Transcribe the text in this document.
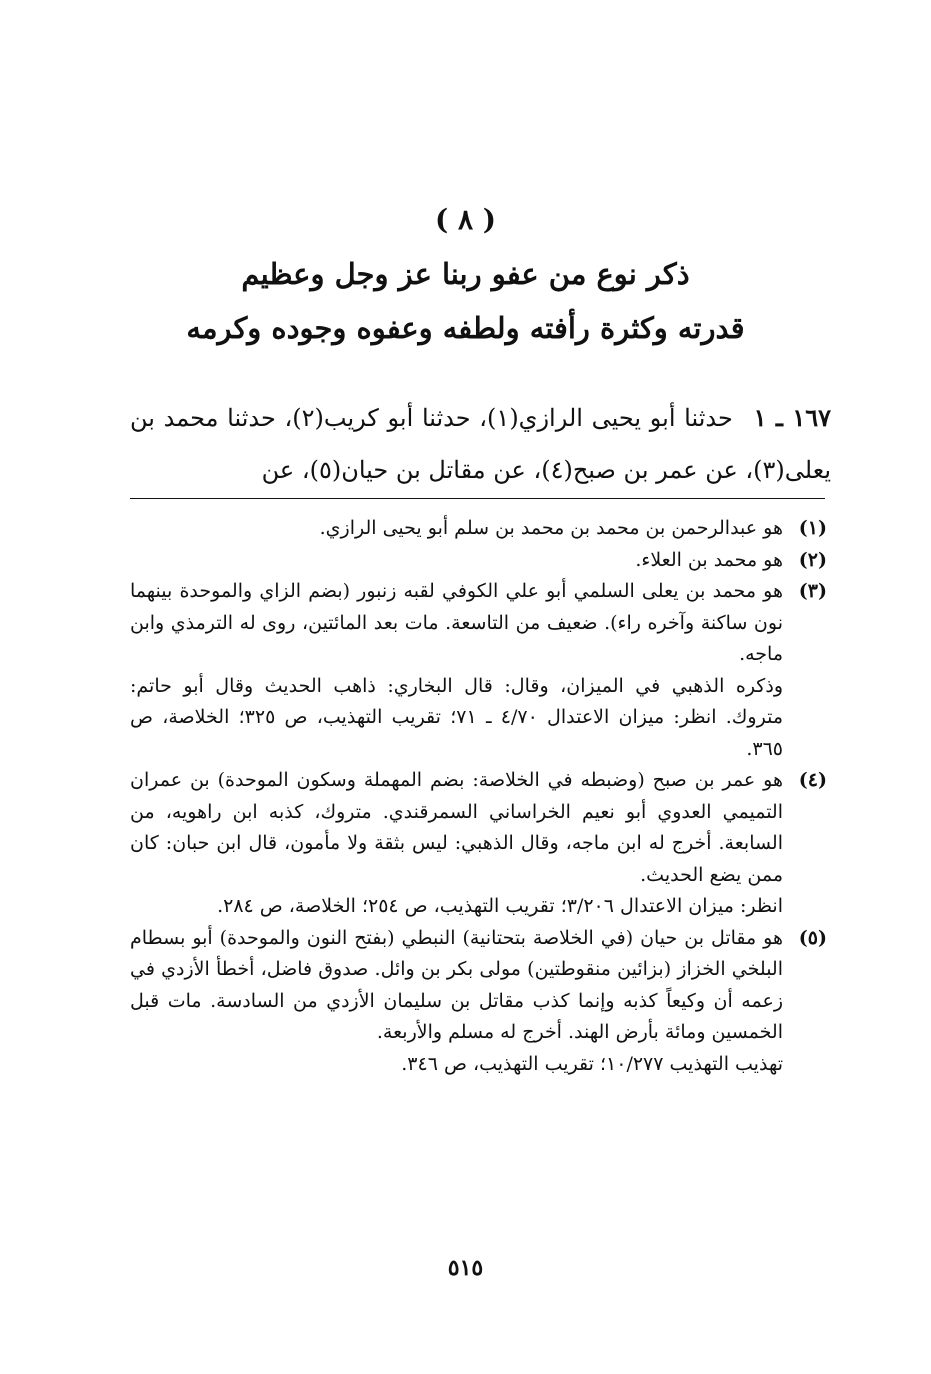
( ٨ )
ذكر نوع من عفو ربنا عز وجل وعظيم
قدرته وكثرة رأفته ولطفه وعفوه وجوده وكرمه
١٦٧ ـ ١ حدثنا أبو يحيى الرازي(١)، حدثنا أبو كريب(٢)، حدثنا محمد بن يعلى(٣)، عن عمر بن صبح(٤)، عن مقاتل بن حيان(٥)، عن
(١)

هو عبدالرحمن بن محمد بن محمد بن سلم أبو يحيى الرازي.

(٢)

هو محمد بن العلاء.

(٣)

هو محمد بن يعلى السلمي أبو علي الكوفي لقبه زنبور (بضم الزاي والموحدة بينهما نون ساكنة وآخره راء). ضعيف من التاسعة. مات بعد المائتين، روى له الترمذي وابن ماجه.

وذكره الذهبي في الميزان، وقال: قال البخاري: ذاهب الحديث وقال أبو حاتم: متروك. انظر: ميزان الاعتدال ٤/٧٠ ـ ٧١؛ تقريب التهذيب، ص ٣٢٥؛ الخلاصة، ص ٣٦٥.

(٤)

هو عمر بن صبح (وضبطه في الخلاصة: بضم المهملة وسكون الموحدة) بن عمران التميمي العدوي أبو نعيم الخراساني السمرقندي. متروك، كذبه ابن راهويه، من السابعة. أخرج له ابن ماجه، وقال الذهبي: ليس بثقة ولا مأمون، قال ابن حبان: كان ممن يضع الحديث.

انظر: ميزان الاعتدال ٣/٢٠٦؛ تقريب التهذيب، ص ٢٥٤؛ الخلاصة، ص ٢٨٤.

(٥)

هو مقاتل بن حيان (في الخلاصة بتحتانية) النبطي (بفتح النون والموحدة) أبو بسطام البلخي الخزاز (بزائين منقوطتين) مولى بكر بن وائل. صدوق فاضل، أخطأ الأزدي في زعمه أن وكيعاً كذبه وإنما كذب مقاتل بن سليمان الأزدي من السادسة. مات قبل الخمسين ومائة بأرض الهند. أخرج له مسلم والأربعة.

تهذيب التهذيب ١٠/٢٧٧؛ تقريب التهذيب، ص ٣٤٦.

٥١٥
